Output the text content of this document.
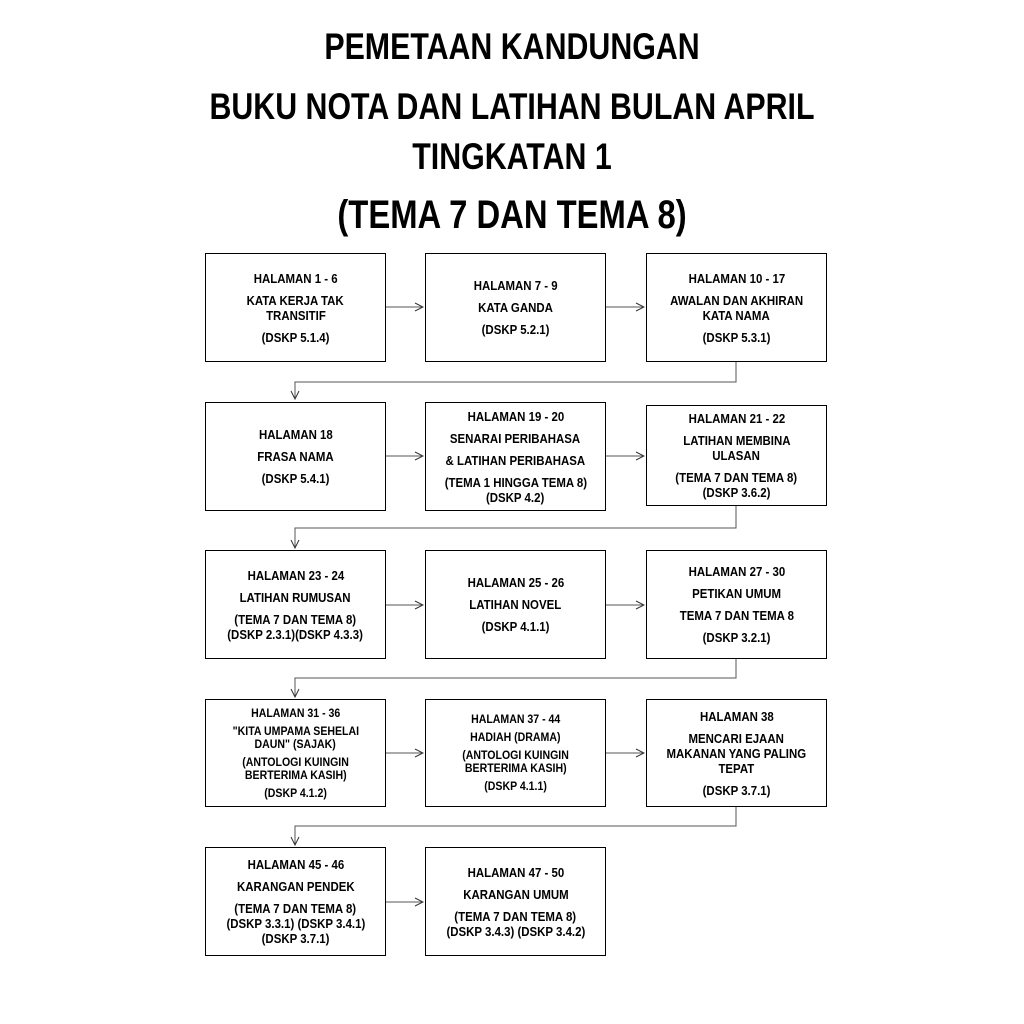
PEMETAAN KANDUNGAN
BUKU NOTA DAN LATIHAN BULAN APRIL
TINGKATAN 1
(TEMA 7 DAN TEMA 8)
HALAMAN 1 - 6
KATA KERJA TAK
TRANSITIF
(DSKP 5.1.4)
HALAMAN 7 - 9
KATA GANDA
(DSKP 5.2.1)
HALAMAN 10 - 17
AWALAN DAN AKHIRAN
KATA NAMA
(DSKP 5.3.1)
HALAMAN 18
FRASA NAMA
(DSKP 5.4.1)
HALAMAN 19 - 20
SENARAI PERIBAHASA
& LATIHAN PERIBAHASA
(TEMA 1 HINGGA TEMA 8)
(DSKP 4.2)
HALAMAN 21 - 22
LATIHAN MEMBINA
ULASAN
(TEMA 7 DAN TEMA 8)
(DSKP 3.6.2)
HALAMAN 23 - 24
LATIHAN RUMUSAN
(TEMA 7 DAN TEMA 8)
(DSKP 2.3.1)(DSKP 4.3.3)
HALAMAN 25 - 26
LATIHAN NOVEL
(DSKP 4.1.1)
HALAMAN 27 - 30
PETIKAN UMUM
TEMA 7 DAN TEMA 8
(DSKP 3.2.1)
HALAMAN 31 - 36
"KITA UMPAMA SEHELAI
DAUN" (SAJAK)
(ANTOLOGI KUINGIN
BERTERIMA KASIH)
(DSKP 4.1.2)
HALAMAN 37 - 44
HADIAH (DRAMA)
(ANTOLOGI KUINGIN
BERTERIMA KASIH)
(DSKP 4.1.1)
HALAMAN 38
MENCARI EJAAN
MAKANAN YANG PALING
TEPAT
(DSKP 3.7.1)
HALAMAN 45 - 46
KARANGAN PENDEK
(TEMA 7 DAN TEMA 8)
(DSKP 3.3.1) (DSKP 3.4.1)
(DSKP 3.7.1)
HALAMAN 47 - 50
KARANGAN UMUM
(TEMA 7 DAN TEMA 8)
(DSKP 3.4.3) (DSKP 3.4.2)
